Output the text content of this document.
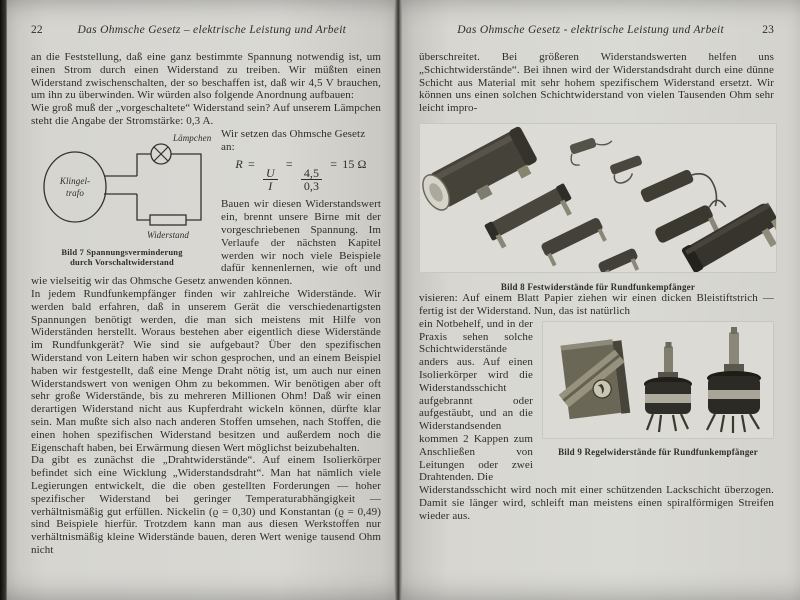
22	Das Ohmsche Gesetz – elektrische Leistung und Arbeit

an die Feststellung, daß eine ganz bestimmte Spannung notwendig ist, um einen Strom durch einen Widerstand zu treiben. Wir müßten einen Widerstand zwischenschalten, der so beschaffen ist, daß wir 4,5 V brauchen, um ihn zu überwinden. Wir würden also folgende Anordnung aufbauen:

Wie groß muß der „vorgeschaltete“ Widerstand sein? Auf unserem Lämpchen steht die Angabe der Stromstärke: 0,3 A.

Klingel-
trafo
Lämpchen
Widerstand
Bild 7 Spannungsverminderung
durch Vorschaltwiderstand
Wir setzen das Ohmsche Gesetz an:
R =
$\frac{U}{I}$
=
$\frac{4,5}{0,3}$
= 15 Ω

Bauen wir diesen Widerstandswert ein, brennt unsere Birne mit der vorgeschriebenen Spannung. Im Verlaufe der nächsten Kapitel werden wir noch viele Beispiele dafür kennenlernen, wie oft und wie vielseitig wir das Ohmsche Gesetz anwenden können.

In jedem Rundfunkempfänger finden wir zahlreiche Widerstände. Wir werden bald erfahren, daß in unserem Gerät die verschiedenartigsten Spannungen benötigt werden, die man sich meistens mit Hilfe von Widerständen herstellt. Woraus bestehen aber eigentlich diese Widerstände im Rundfunkgerät? Wie sind sie aufgebaut? Über den spezifischen Widerstand von Leitern haben wir schon gesprochen, und an einem Beispiel haben wir festgestellt, daß eine Menge Draht nötig ist, um auch nur einen Widerstandswert von wenigen Ohm zu bekommen. Wir benötigen aber oft sehr große Widerstände, bis zu mehreren Millionen Ohm! Daß wir einen derartigen Widerstand nicht aus Kupferdraht wickeln können, dürfte klar sein. Man mußte sich also nach anderen Stoffen umsehen, nach Stoffen, die einen hohen spezifischen Widerstand besitzen und außerdem noch die Eigenschaft haben, bei Erwärmung diesen Wert möglichst beizubehalten.

Da gibt es zunächst die „Drahtwiderstände“. Auf einem Isolierkörper befindet sich eine Wicklung „Widerstandsdraht“. Man hat nämlich viele Legierungen entwickelt, die die oben gestellten Forderungen — hoher spezifischer Widerstand bei geringer Temperaturabhängigkeit — verhältnismäßig gut erfüllen. Nickelin (ϱ = 0,30) und Konstantan (ϱ = 0,49) sind Beispiele hierfür. Trotzdem kann man aus diesen Werkstoffen nur verhältnismäßig kleine Widerstände bauen, deren Wert wenige tausend Ohm nicht

Das Ohmsche Gesetz - elektrische Leistung und Arbeit	23

überschreitet. Bei größeren Widerstandswerten helfen uns „Schichtwiderstände“. Bei ihnen wird der Widerstandsdraht durch eine dünne Schicht aus Material mit sehr hohem spezifischem Widerstand ersetzt. Wir können uns einen solchen Schichtwiderstand von vielen Tausenden Ohm sehr leicht impro-

Bild 8 Festwiderstände für Rundfunkempfänger

visieren: Auf einem Blatt Papier ziehen wir einen dicken Bleistiftstrich — fertig ist der Widerstand. Nun, das ist natürlich

Bild 9 Regelwiderstände für Rundfunkempfänger

ein Notbehelf, und in der Praxis sehen solche Schichtwiderstände anders aus. Auf einen Isolierkörper wird die Widerstandsschicht aufgebrannt oder aufgestäubt, und an die Widerstandsenden kommen 2 Kappen zum Anschließen von Leitungen oder zwei Drahtenden. Die

Widerstandsschicht wird noch mit einer schützenden Lackschicht überzogen. Damit sie länger wird, schleift man meistens einen spiralförmigen Streifen wieder aus.
